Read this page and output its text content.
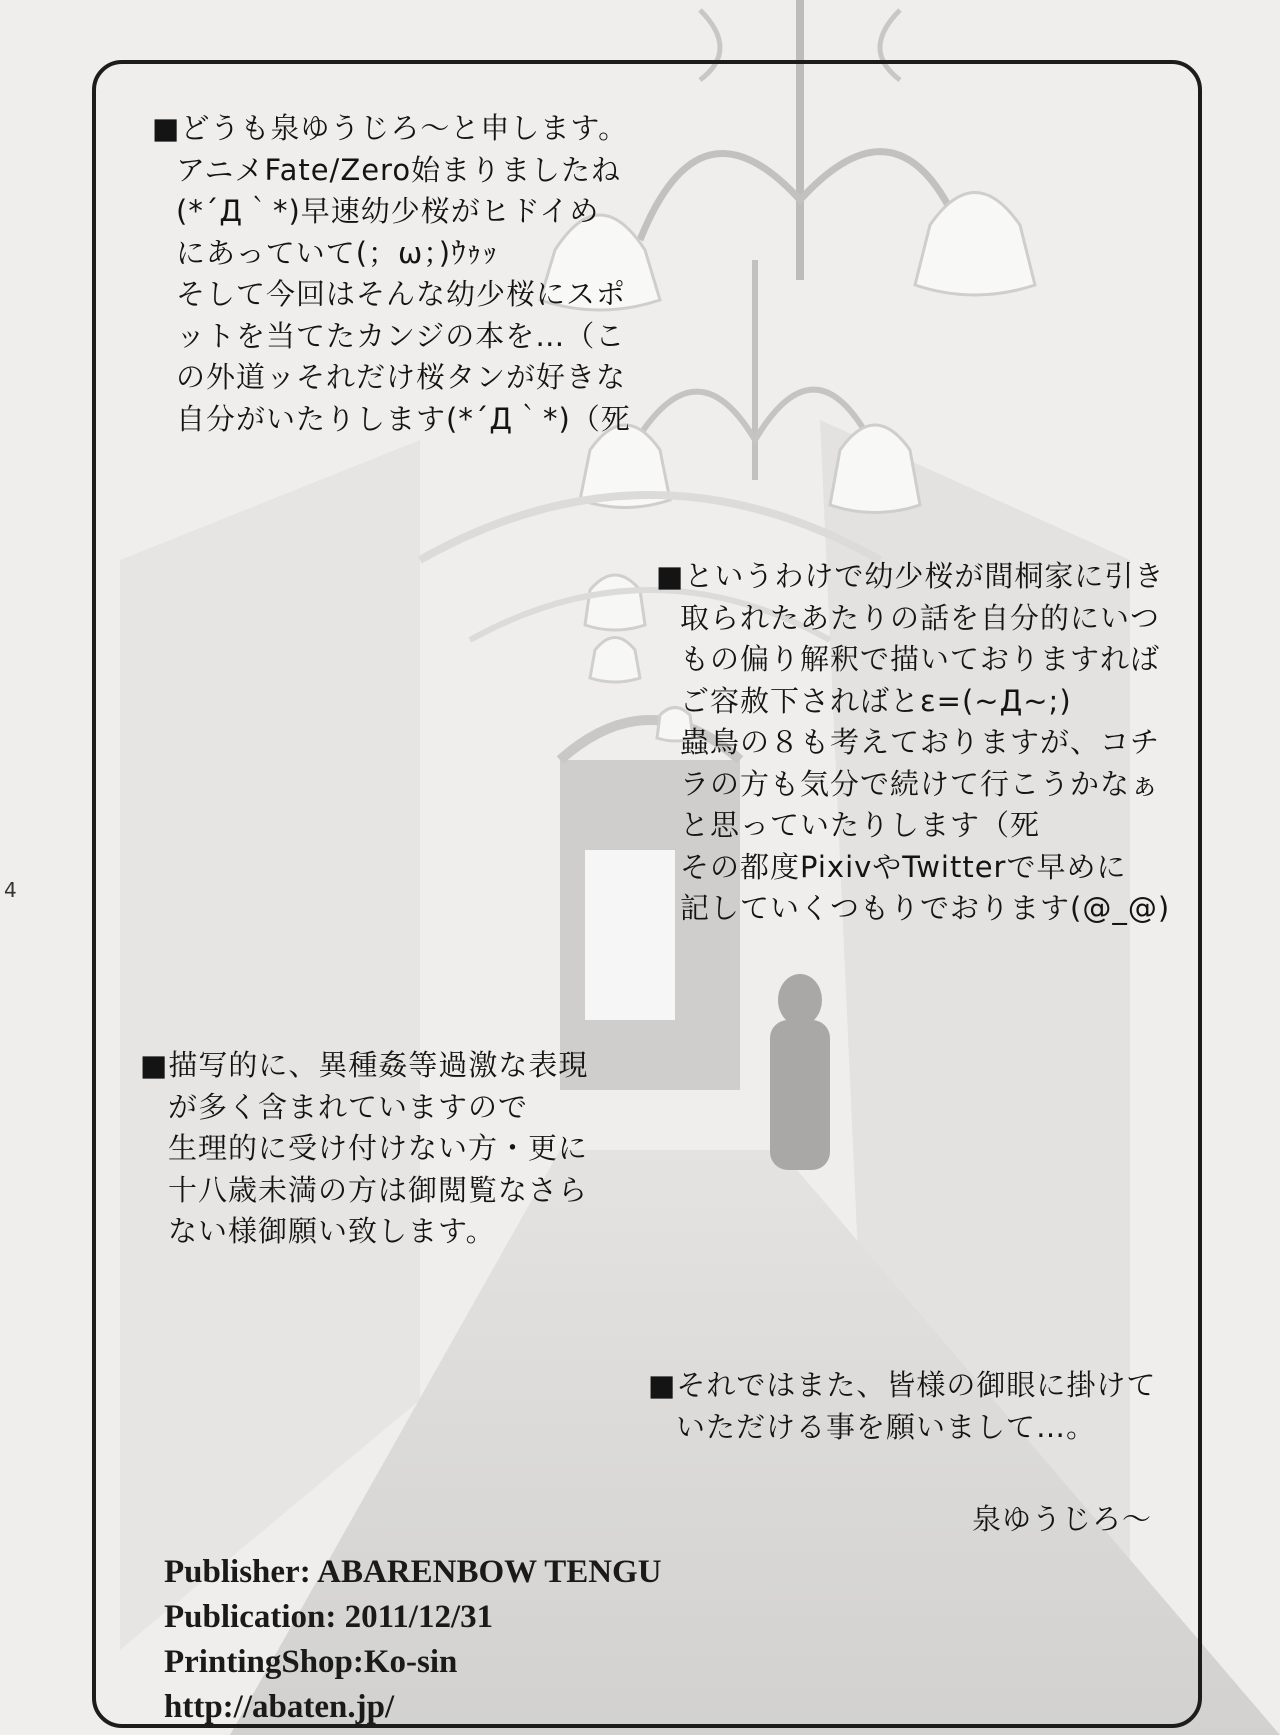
4
■どうも泉ゆうじろ～と申します。
アニメFate/Zero始まりましたね
(*´Д｀*)早速幼少桜がヒドイめ
にあっていて(；ω；)ｳｩｯ
そして今回はそんな幼少桜にスポ
ットを当てたカンジの本を…（こ
の外道ッそれだけ桜タンが好きな
自分がいたりします(*´Д｀*)（死
■というわけで幼少桜が間桐家に引き
取られたあたりの話を自分的にいつ
もの偏り解釈で描いておりますれば
ご容赦下さればとε=(~Д~;)
蟲鳥の８も考えておりますが、コチ
ラの方も気分で続けて行こうかなぁ
と思っていたりします（死
その都度PixivやTwitterで早めに
記していくつもりでおります(@_@)
■描写的に、異種姦等過激な表現
が多く含まれていますので
生理的に受け付けない方・更に
十八歳未満の方は御閲覧なさら
ない様御願い致します。
■それではまた、皆様の御眼に掛けて
いただける事を願いまして…。
泉ゆうじろ～
Publisher: ABARENBOW TENGU
Publication: 2011/12/31
PrintingShop:Ko-sin
http://abaten.jp/
